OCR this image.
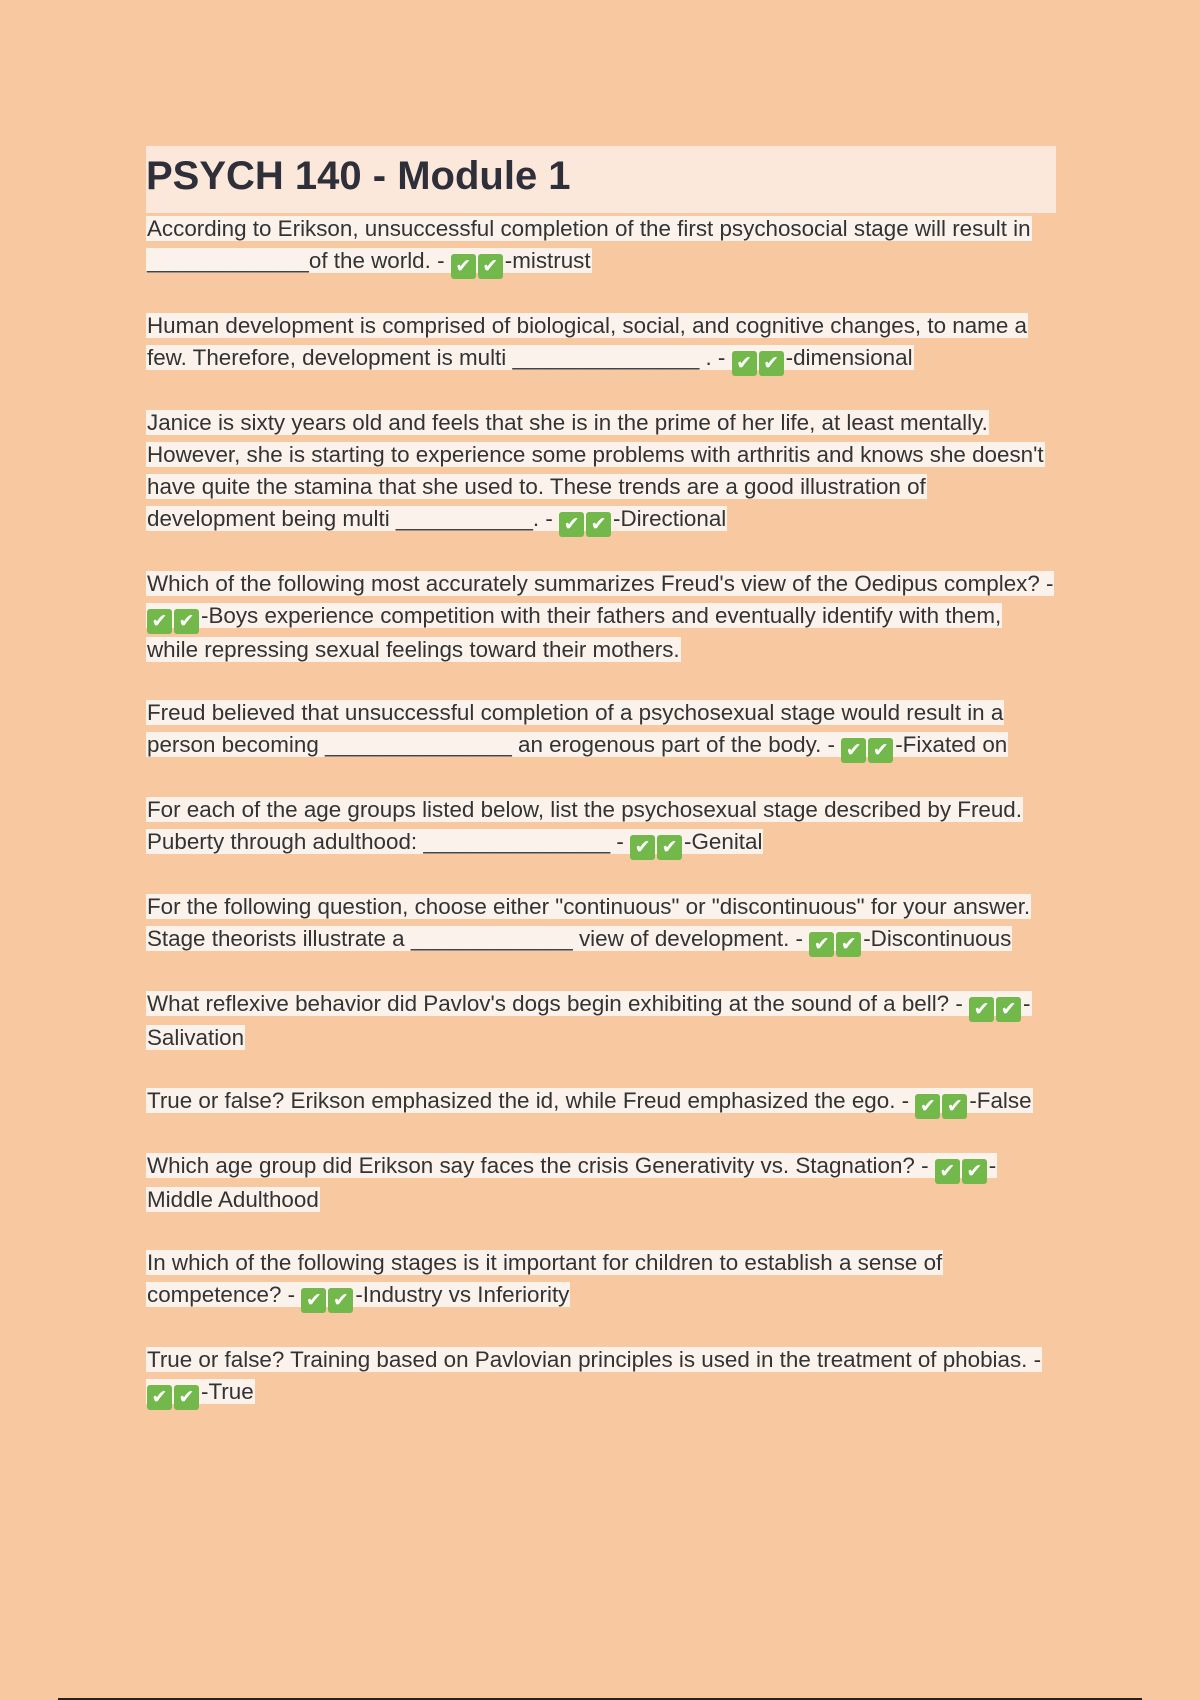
PSYCH 140 - Module 1

According to Erikson, unsuccessful completion of the first psychosocial stage will result in _____________of the world. - ✔ ✔ -mistrust

Human development is comprised of biological, social, and cognitive changes, to name a few. Therefore, development is multi _______________ . - ✔ ✔ -dimensional

Janice is sixty years old and feels that she is in the prime of her life, at least mentally. However, she is starting to experience some problems with arthritis and knows she doesn't have quite the stamina that she used to. These trends are a good illustration of development being multi ___________. - ✔ ✔ -Directional

Which of the following most accurately summarizes Freud's view of the Oedipus complex? - ✔ ✔ -Boys experience competition with their fathers and eventually identify with them, while repressing sexual feelings toward their mothers.

Freud believed that unsuccessful completion of a psychosexual stage would result in a person becoming _______________ an erogenous part of the body. - ✔ ✔ -Fixated on

For each of the age groups listed below, list the psychosexual stage described by Freud.
Puberty through adulthood: _______________ - ✔ ✔ -Genital

For the following question, choose either "continuous" or "discontinuous" for your answer.
Stage theorists illustrate a _____________ view of development. - ✔ ✔ -Discontinuous

What reflexive behavior did Pavlov's dogs begin exhibiting at the sound of a bell? - ✔ ✔ -Salivation

True or false? Erikson emphasized the id, while Freud emphasized the ego. - ✔ ✔ -False

Which age group did Erikson say faces the crisis Generativity vs. Stagnation? - ✔ ✔ -Middle Adulthood

In which of the following stages is it important for children to establish a sense of competence? - ✔ ✔ -Industry vs Inferiority

True or false? Training based on Pavlovian principles is used in the treatment of phobias. - ✔ ✔ -True
